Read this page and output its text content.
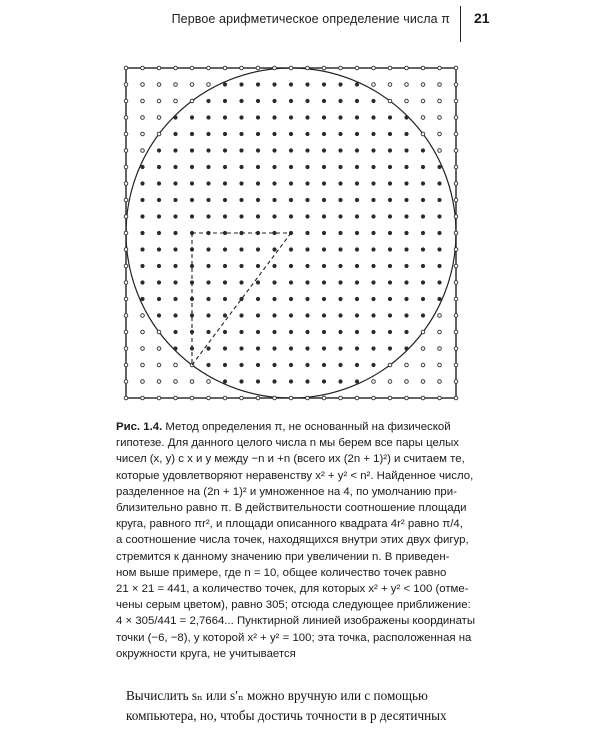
Первое арифметическое определение числа π 21
Рис. 1.4. Метод определения π, не основанный на физической
гипотезе. Для данного целого числа n мы берем все пары целых
чисел (x, y) с x и y между −n и +n (всего их (2n + 1)²) и считаем те,
которые удовлетворяют неравенству x² + y² < n². Найденное число,
разделенное на (2n + 1)² и умноженное на 4, по умолчанию при-
близительно равно π. В действительности соотношение площади
круга, равного πr², и площади описанного квадрата 4r² равно π/4,
а соотношение числа точек, находящихся внутри этих двух фигур,
стремится к данному значению при увеличении n. В приведен-
ном выше примере, где n = 10, общее количество точек равно
21 × 21 = 441, а количество точек, для которых x² + y² < 100 (отме-
чены серым цветом), равно 305; отсюда следующее приближение:
4 × 305/441 = 2,7664... Пунктирной линией изображены координаты
точки (−6, −8), у которой x² + y² = 100; эта точка, расположенная на
окружности круга, не учитывается
Вычислить sₙ или s′ₙ можно вручную или с помощью
компьютера, но, чтобы достичь точности в p десятичных
